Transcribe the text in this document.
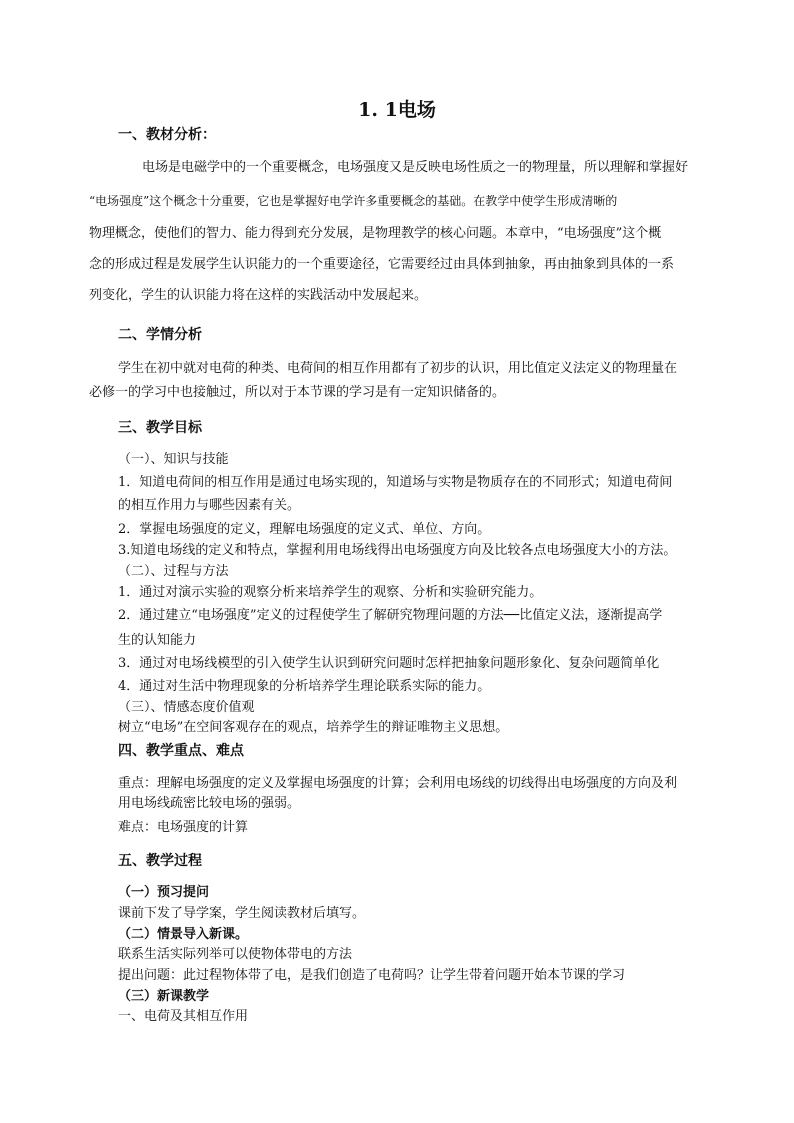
1. 1电场
一、教材分析：
电场是电磁学中的一个重要概念，电场强度又是反映电场性质之一的物理量，所以理解和掌握好
“电场强度”这个概念十分重要，它也是掌握好电学许多重要概念的基础。在教学中使学生形成清晰的
物理概念，使他们的智力、能力得到充分发展，是物理教学的核心问题。本章中，“电场强度”这个概
念的形成过程是发展学生认识能力的一个重要途径，它需要经过由具体到抽象，再由抽象到具体的一系
列变化，学生的认识能力将在这样的实践活动中发展起来。
二、学情分析
学生在初中就对电荷的种类、电荷间的相互作用都有了初步的认识，用比值定义法定义的物理量在
必修一的学习中也接触过，所以对于本节课的学习是有一定知识储备的。
三、教学目标
（一）、知识与技能
1．知道电荷间的相互作用是通过电场实现的，知道场与实物是物质存在的不同形式；知道电荷间
的相互作用力与哪些因素有关。
2．掌握电场强度的定义，理解电场强度的定义式、单位、方向。
3.知道电场线的定义和特点，掌握利用电场线得出电场强度方向及比较各点电场强度大小的方法。
（二）、过程与方法
1．通过对演示实验的观察分析来培养学生的观察、分析和实验研究能力。
2．通过建立“电场强度”定义的过程使学生了解研究物理问题的方法──比值定义法，逐渐提高学
生的认知能力
3．通过对电场线模型的引入使学生认识到研究问题时怎样把抽象问题形象化、复杂问题简单化
4．通过对生活中物理现象的分析培养学生理论联系实际的能力。
（三）、情感态度价值观
树立“电场”在空间客观存在的观点，培养学生的辩证唯物主义思想。
四、教学重点、难点
重点：理解电场强度的定义及掌握电场强度的计算；会利用电场线的切线得出电场强度的方向及利
用电场线疏密比较电场的强弱。
难点：电场强度的计算
五、教学过程
（一）预习提问
课前下发了导学案，学生阅读教材后填写。
（二）情景导入新课。
联系生活实际列举可以使物体带电的方法
提出问题：此过程物体带了电，是我们创造了电荷吗？让学生带着问题开始本节课的学习
（三）新课教学
一、电荷及其相互作用
